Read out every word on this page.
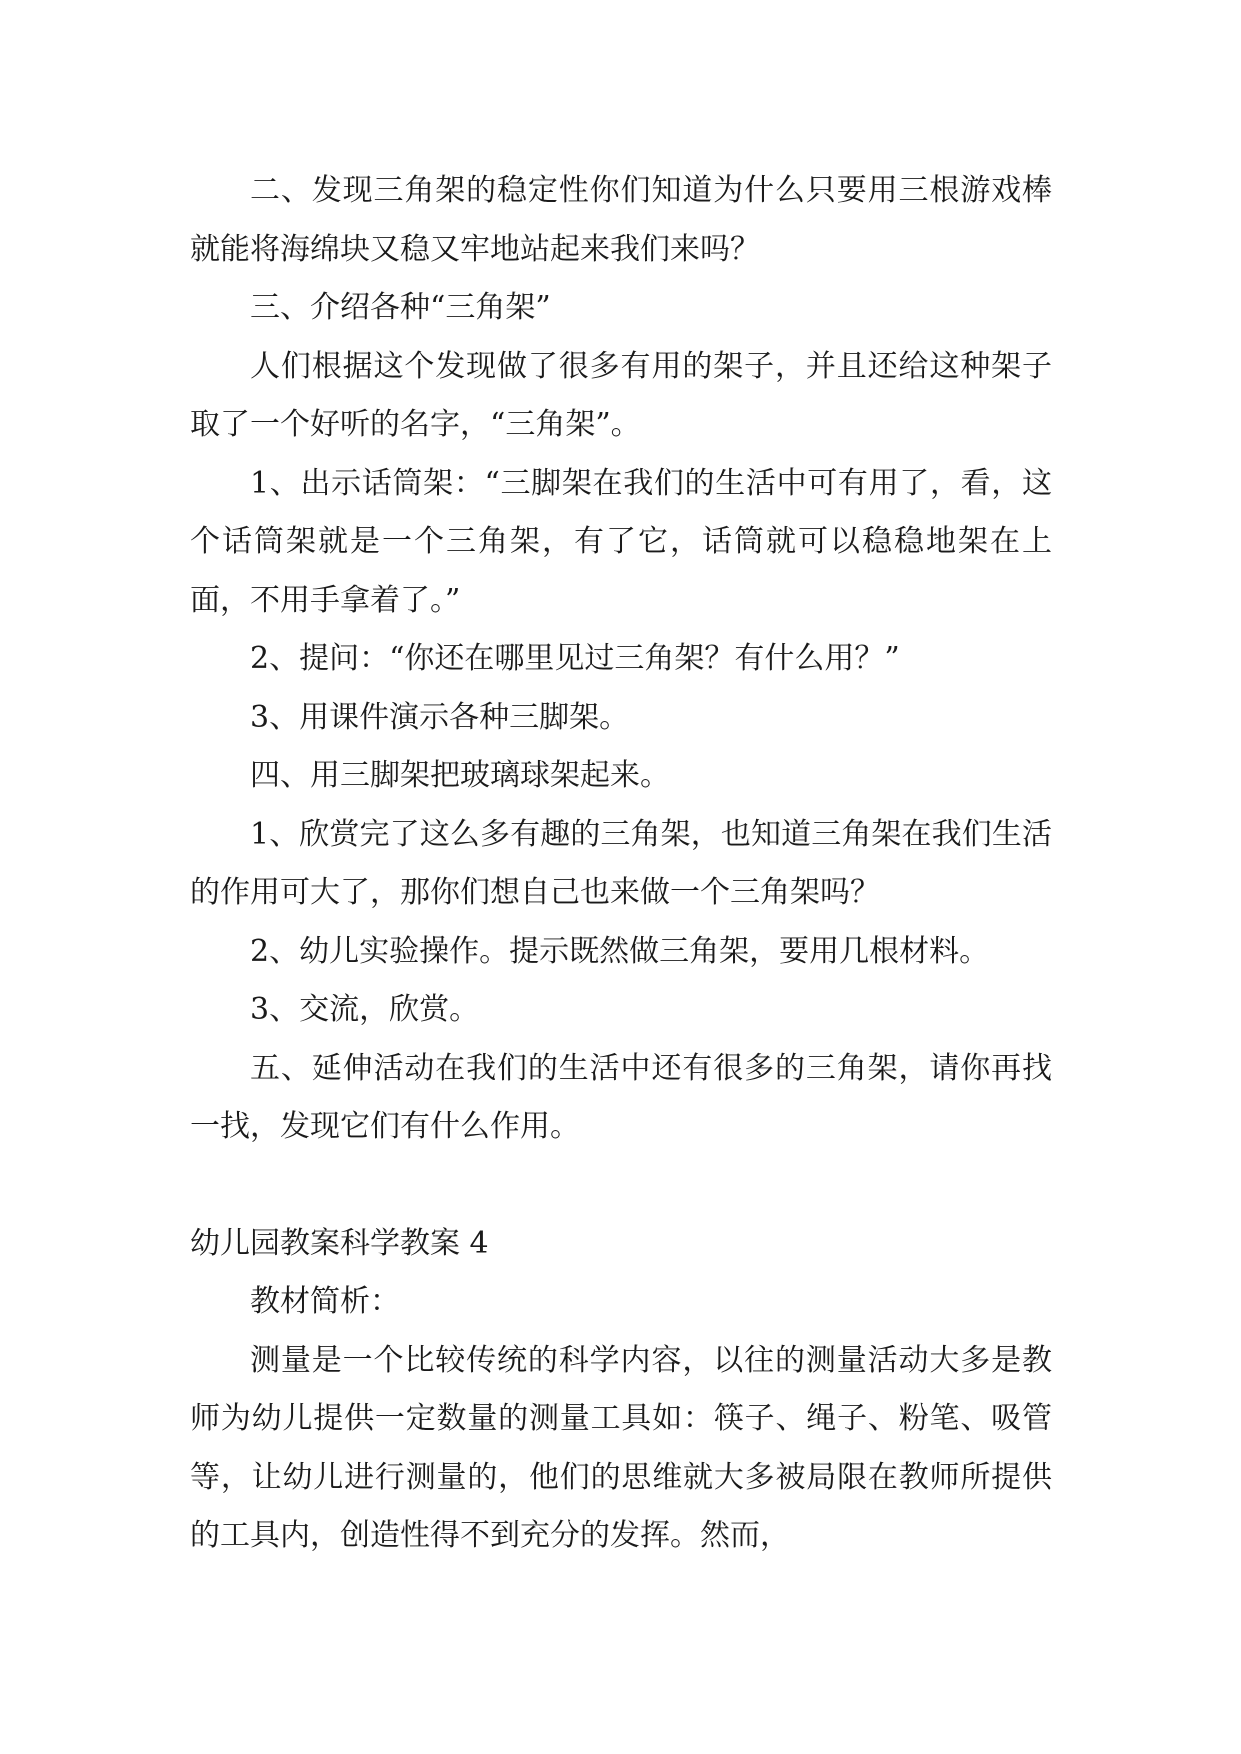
二、发现三角架的稳定性你们知道为什么只要用三根游戏棒就能将海绵块又稳又牢地站起来我们来吗？

三、介绍各种“三角架”

人们根据这个发现做了很多有用的架子，并且还给这种架子取了一个好听的名字，“三角架”。

1、出示话筒架：“三脚架在我们的生活中可有用了，看，这个话筒架就是一个三角架，有了它，话筒就可以稳稳地架在上面，不用手拿着了。”

2、提问：“你还在哪里见过三角架？有什么用？”

3、用课件演示各种三脚架。

四、用三脚架把玻璃球架起来。

1、欣赏完了这么多有趣的三角架，也知道三角架在我们生活的作用可大了，那你们想自己也来做一个三角架吗？

2、幼儿实验操作。提示既然做三角架，要用几根材料。

3、交流，欣赏。

五、延伸活动在我们的生活中还有很多的三角架，请你再找一找，发现它们有什么作用。

幼儿园教案科学教案 4

教材简析：

测量是一个比较传统的科学内容，以往的测量活动大多是教师为幼儿提供一定数量的测量工具如：筷子、绳子、粉笔、吸管等，让幼儿进行测量的，他们的思维就大多被局限在教师所提供的工具内，创造性得不到充分的发挥。然而，
